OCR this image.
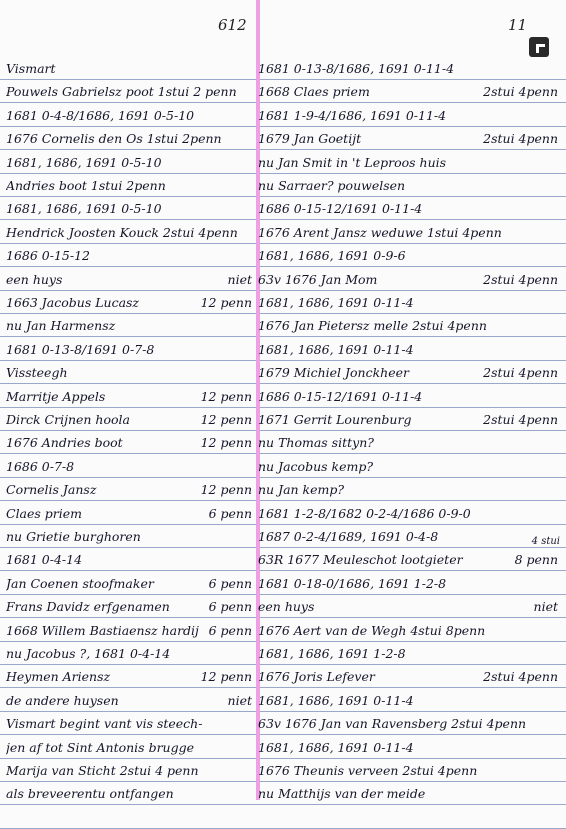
612	11
Vismart
Pouwels Gabrielsz poot 1stui 2 penn
1681 0-4-8/1686, 1691 0-5-10
1676 Cornelis den Os 1stui 2penn
1681, 1686, 1691 0-5-10
Andries boot 1stui 2penn
1681, 1686, 1691 0-5-10
Hendrick Joosten Kouck 2stui 4penn
1686 0-15-12
een huys	niet
1663 Jacobus Lucasz	12 penn
nu Jan Harmensz
1681 0-13-8/1691 0-7-8
Vissteegh
Marritje Appels	12 penn
Dirck Crijnen hoola	12 penn
1676 Andries boot	12 penn
1686 0-7-8
Cornelis Jansz	12 penn
Claes priem	6 penn
nu Grietie burghoren
1681 0-4-14
Jan Coenen stoofmaker	6 penn
Frans Davidz erfgenamen	6 penn
1668 Willem Bastiaensz hardij 6 penn
nu Jacobus ?, 1681 0-4-14
Heymen Ariensz	12 penn
de andere huysen	niet
Vismart begint vant vis steech-
jen af tot Sint Antonis brugge
Marija van Sticht 2stui 4 penn
als breveerentu ontfangen
1681 0-13-8/1686, 1691 0-11-4
1668 Claes priem	2stui 4penn
1681 1-9-4/1686, 1691 0-11-4
1679 Jan Goetijt	2stui 4penn
nu Jan Smit in 't Leproos huis
nu Sarraer? pouwelsen
1686 0-15-12/1691 0-11-4
1676 Arent Jansz weduwe 1stui 4penn
1681, 1686, 1691 0-9-6
63v 1676 Jan Mom	2stui 4penn
1681, 1686, 1691 0-11-4
1676 Jan Pietersz melle 2stui 4penn
1681, 1686, 1691 0-11-4
1679 Michiel Jonckheer	2stui 4penn
1686 0-15-12/1691 0-11-4
1671 Gerrit Lourenburg	2stui 4penn
nu Thomas sittyn?
nu Jacobus kemp?
nu Jan kemp?
1681 1-2-8/1682 0-2-4/1686 0-9-0
1687 0-2-4/1689, 1691 0-4-8
63R 1677 Meuleschot lootgieter	8 penn
1681 0-18-0/1686, 1691 1-2-8
een huys	niet
1676 Aert van de Wegh 4stui 8penn
1681, 1686, 1691 1-2-8
1676 Joris Lefever	2stui 4penn
1681, 1686, 1691 0-11-4
63v 1676 Jan van Ravensberg 2stui 4penn
1681, 1686, 1691 0-11-4
1676 Theunis verveen 2stui 4penn
nu Matthijs van der meide
4 stui
